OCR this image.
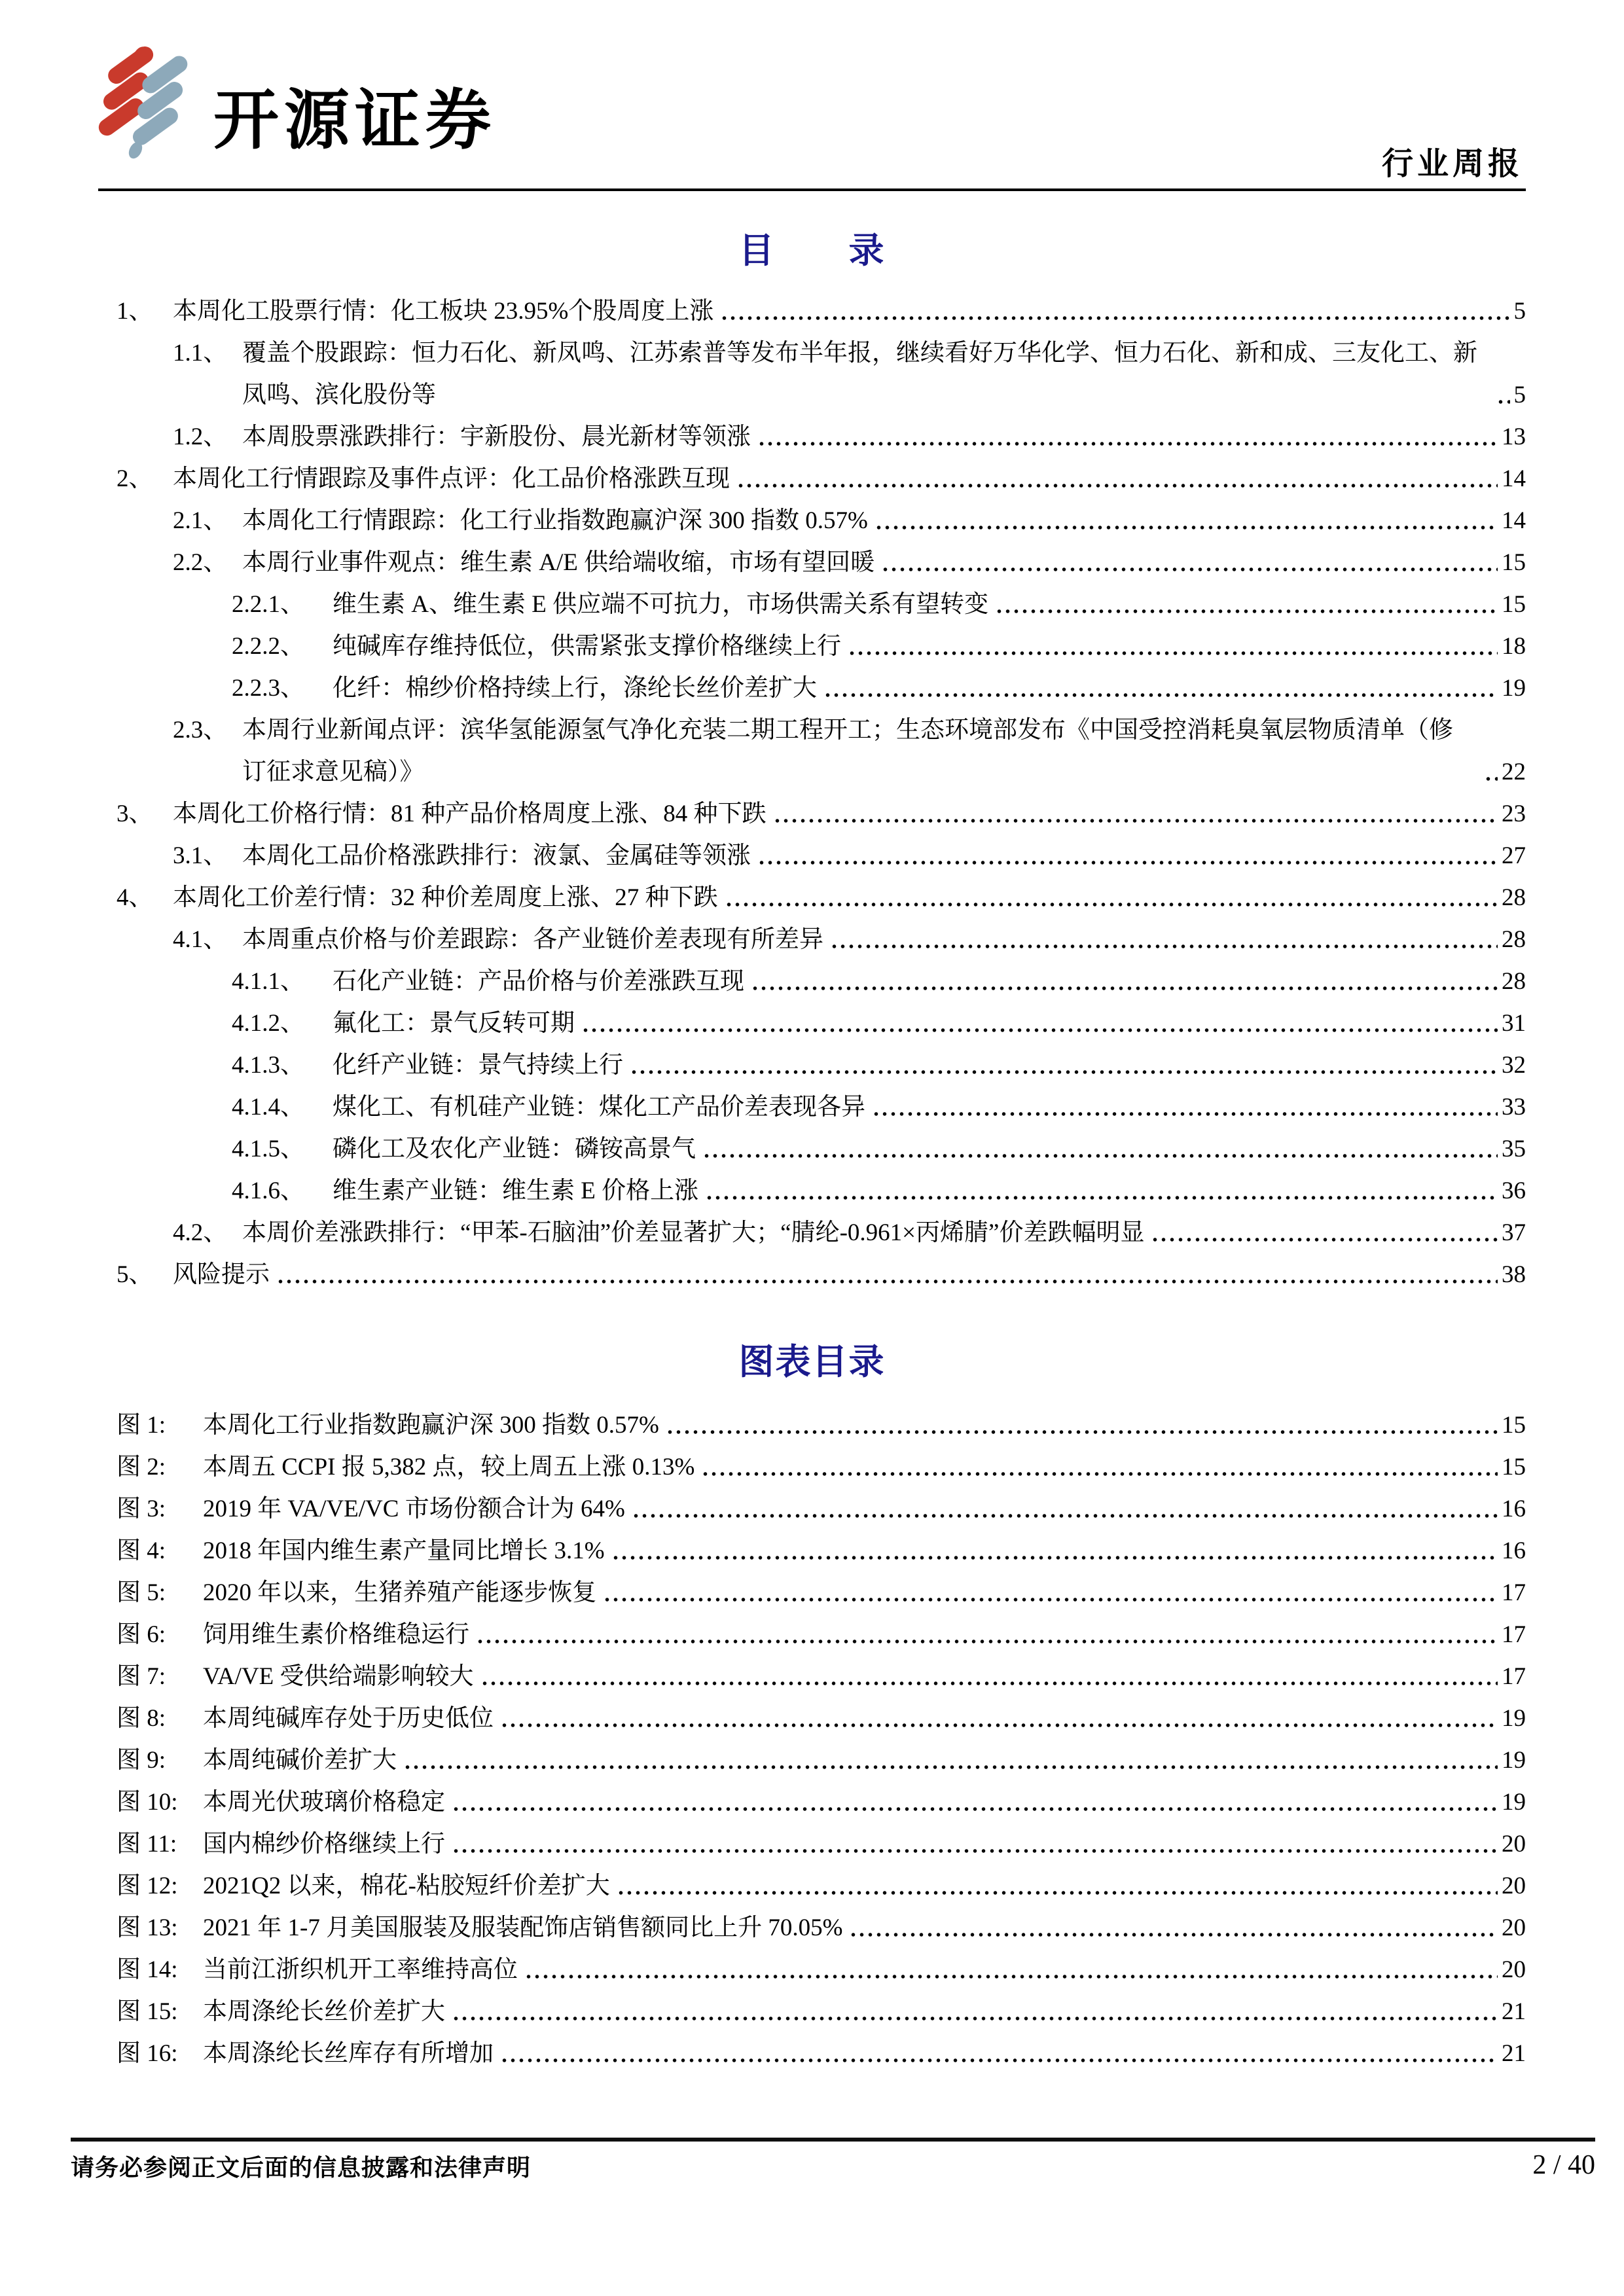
开源证券
行业周报
目　　录
1、 本周化工股票行情：化工板块 23.95%个股周度上涨	5
1.1、 覆盖个股跟踪：恒力石化、新凤鸣、江苏索普等发布半年报，继续看好万华化学、恒力石化、新和成、三友化工、新凤鸣、滨化股份等	5
1.2、 本周股票涨跌排行：宇新股份、晨光新材等领涨	13
2、 本周化工行情跟踪及事件点评：化工品价格涨跌互现	14
2.1、 本周化工行情跟踪：化工行业指数跑赢沪深 300 指数 0.57%	14
2.2、 本周行业事件观点：维生素 A/E 供给端收缩，市场有望回暖	15
2.2.1、 维生素 A、维生素 E 供应端不可抗力，市场供需关系有望转变	15
2.2.2、 纯碱库存维持低位，供需紧张支撑价格继续上行	18
2.2.3、 化纤：棉纱价格持续上行，涤纶长丝价差扩大	19
2.3、 本周行业新闻点评：滨华氢能源氢气净化充装二期工程开工；生态环境部发布《中国受控消耗臭氧层物质清单（修订征求意见稿）》	22
3、 本周化工价格行情：81 种产品价格周度上涨、84 种下跌	23
3.1、 本周化工品价格涨跌排行：液氯、金属硅等领涨	27
4、 本周化工价差行情：32 种价差周度上涨、27 种下跌	28
4.1、 本周重点价格与价差跟踪：各产业链价差表现有所差异	28
4.1.1、 石化产业链：产品价格与价差涨跌互现	28
4.1.2、 氟化工：景气反转可期	31
4.1.3、 化纤产业链：景气持续上行	32
4.1.4、 煤化工、有机硅产业链：煤化工产品价差表现各异	33
4.1.5、 磷化工及农化产业链：磷铵高景气	35
4.1.6、 维生素产业链：维生素 E 价格上涨	36
4.2、 本周价差涨跌排行：“甲苯-石脑油”价差显著扩大；“腈纶-0.961×丙烯腈”价差跌幅明显	37
5、 风险提示	38
图表目录
图 1: 本周化工行业指数跑赢沪深 300 指数 0.57%	15
图 2: 本周五 CCPI 报 5,382 点，较上周五上涨 0.13%	15
图 3: 2019 年 VA/VE/VC 市场份额合计为 64%	16
图 4: 2018 年国内维生素产量同比增长 3.1%	16
图 5: 2020 年以来，生猪养殖产能逐步恢复	17
图 6: 饲用维生素价格维稳运行	17
图 7: VA/VE 受供给端影响较大	17
图 8: 本周纯碱库存处于历史低位	19
图 9: 本周纯碱价差扩大	19
图 10: 本周光伏玻璃价格稳定	19
图 11: 国内棉纱价格继续上行	20
图 12: 2021Q2 以来，棉花-粘胶短纤价差扩大	20
图 13: 2021 年 1-7 月美国服装及服装配饰店销售额同比上升 70.05%	20
图 14: 当前江浙织机开工率维持高位	20
图 15: 本周涤纶长丝价差扩大	21
图 16: 本周涤纶长丝库存有所增加	21
请务必参阅正文后面的信息披露和法律声明	2 / 40
